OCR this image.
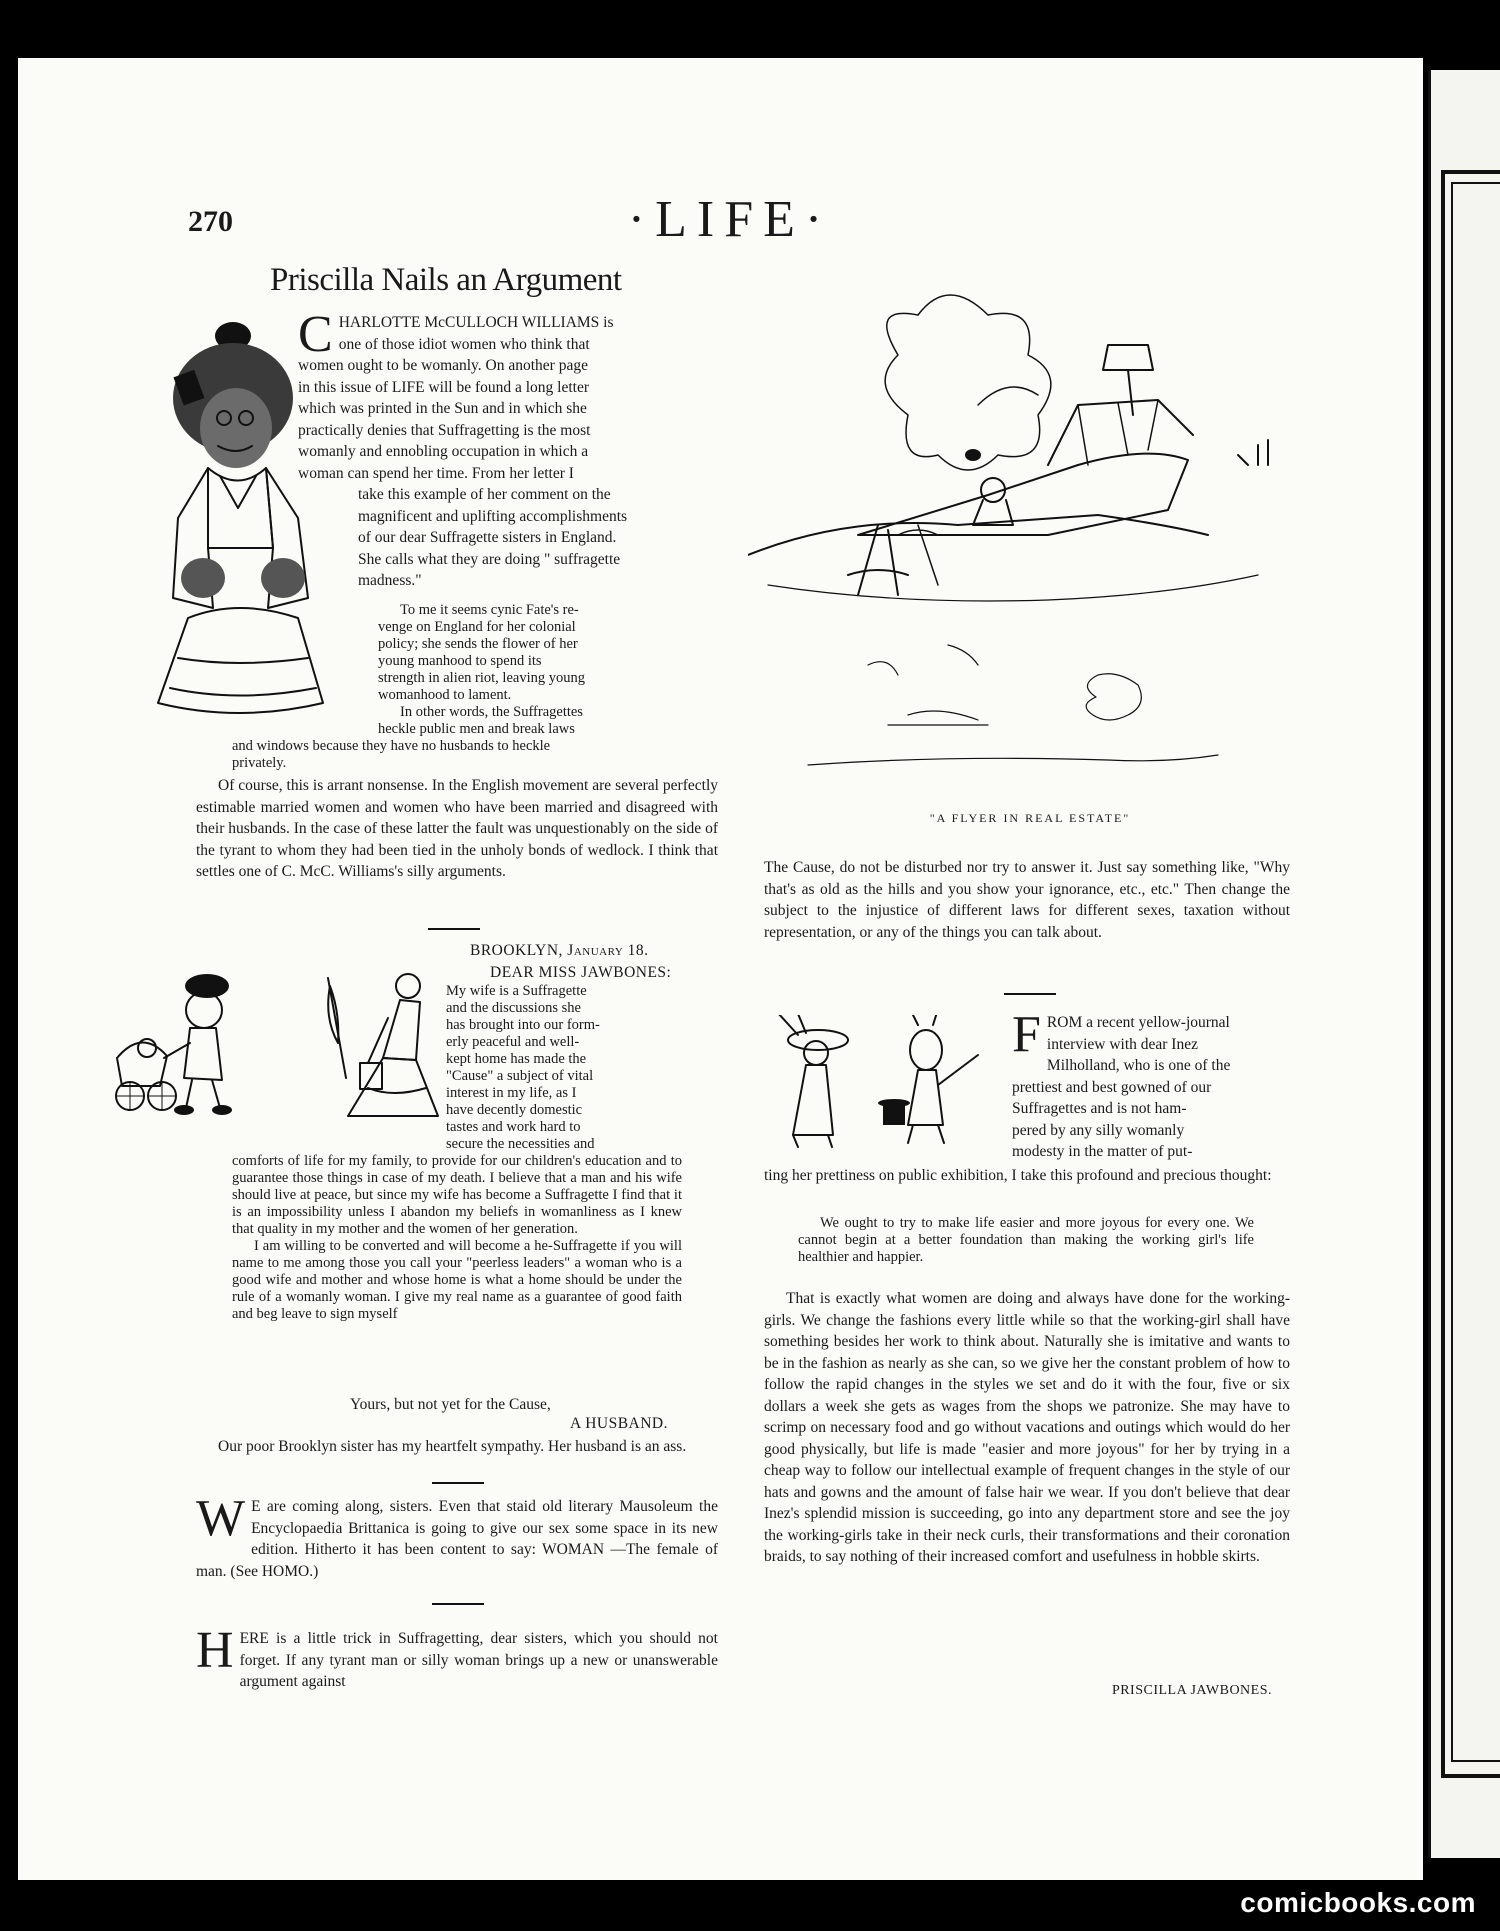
270	·LIFE·
Priscilla Nails an Argument
C HARLOTTE McCULLOCH WILLIAMS is
one of those idiot women who think that
women ought to be womanly. On another page
in this issue of LIFE will be found a long letter
which was printed in the Sun and in which she
practically denies that Suffragetting is the most
womanly and ennobling occupation in which a
woman can spend her time. From her letter I
take this example of her comment on the
magnificent and uplifting accomplishments
of our dear Suffragette sisters in England.
She calls what they are doing " suffragette
madness."
To me it seems cynic Fate's re-
venge on England for her colonial
policy; she sends the flower of her
young manhood to spend its
strength in alien riot, leaving young
womanhood to lament.
In other words, the Suffragettes
heckle public men and break laws
and windows because they have no husbands to heckle
privately.

Of course, this is arrant nonsense. In the English movement are several perfectly estimable married women and women who have been married and disagreed with their husbands. In the case of these latter the fault was unquestionably on the side of the tyrant to whom they had been tied in the unholy bonds of wedlock. I think that settles one of C. McC. Williams's silly arguments.

BROOKLYN, January 18.
DEAR MISS JAWBONES:
My wife is a Suffragette
and the discussions she
has brought into our form-
erly peaceful and well-
kept home has made the
"Cause" a subject of vital
interest in my life, as I
have decently domestic
tastes and work hard to
secure the necessities and

comforts of life for my family, to provide for our children's education and to guarantee those things in case of my death. I believe that a man and his wife should live at peace, but since my wife has become a Suffragette I find that it is an impossibility unless I abandon my beliefs in womanliness as I knew that quality in my mother and the women of her generation.

I am willing to be converted and will become a he-Suffragette if you will name to me among those you call your "peerless leaders" a woman who is a good wife and mother and whose home is what a home should be under the rule of a womanly woman. I give my real name as a guarantee of good faith and beg leave to sign myself

Yours, but not yet for the Cause,
A HUSBAND.

Our poor Brooklyn sister has my heartfelt sympathy. Her husband is an ass.

W E are coming along, sisters. Even that staid old literary Mausoleum the Encyclopaedia Brittanica is going to give our sex some space in its new edition. Hitherto it has been content to say: WOMAN —The female of man. (See HOMO.)
H ERE is a little trick in Suffragetting, dear sisters, which you should not forget. If any tyrant man or silly woman brings up a new or unanswerable argument against
"A FLYER IN REAL ESTATE"

The Cause, do not be disturbed nor try to answer it. Just say something like, "Why that's as old as the hills and you show your ignorance, etc., etc." Then change the subject to the injustice of different laws for different sexes, taxation without representation, or any of the things you can talk about.

F ROM a recent yellow-journal
interview with dear Inez
Milholland, who is one of the
prettiest and best gowned of our
Suffragettes and is not ham-
pered by any silly womanly
modesty in the matter of put-

ting her prettiness on public exhibition, I take this profound and precious thought:

We ought to try to make life easier and more joyous for every one. We cannot begin at a better foundation than making the working girl's life healthier and happier.

That is exactly what women are doing and always have done for the working-girls. We change the fashions every little while so that the working-girl shall have something besides her work to think about. Naturally she is imitative and wants to be in the fashion as nearly as she can, so we give her the constant problem of how to follow the rapid changes in the styles we set and do it with the four, five or six dollars a week she gets as wages from the shops we patronize. She may have to scrimp on necessary food and go without vacations and outings which would do her good physically, but life is made "easier and more joyous" for her by trying in a cheap way to follow our intellectual example of frequent changes in the style of our hats and gowns and the amount of false hair we wear. If you don't believe that dear Inez's splendid mission is succeeding, go into any department store and see the joy the working-girls take in their neck curls, their transformations and their coronation braids, to say nothing of their increased comfort and usefulness in hobble skirts.

PRISCILLA JAWBONES.
comicbooks.com
